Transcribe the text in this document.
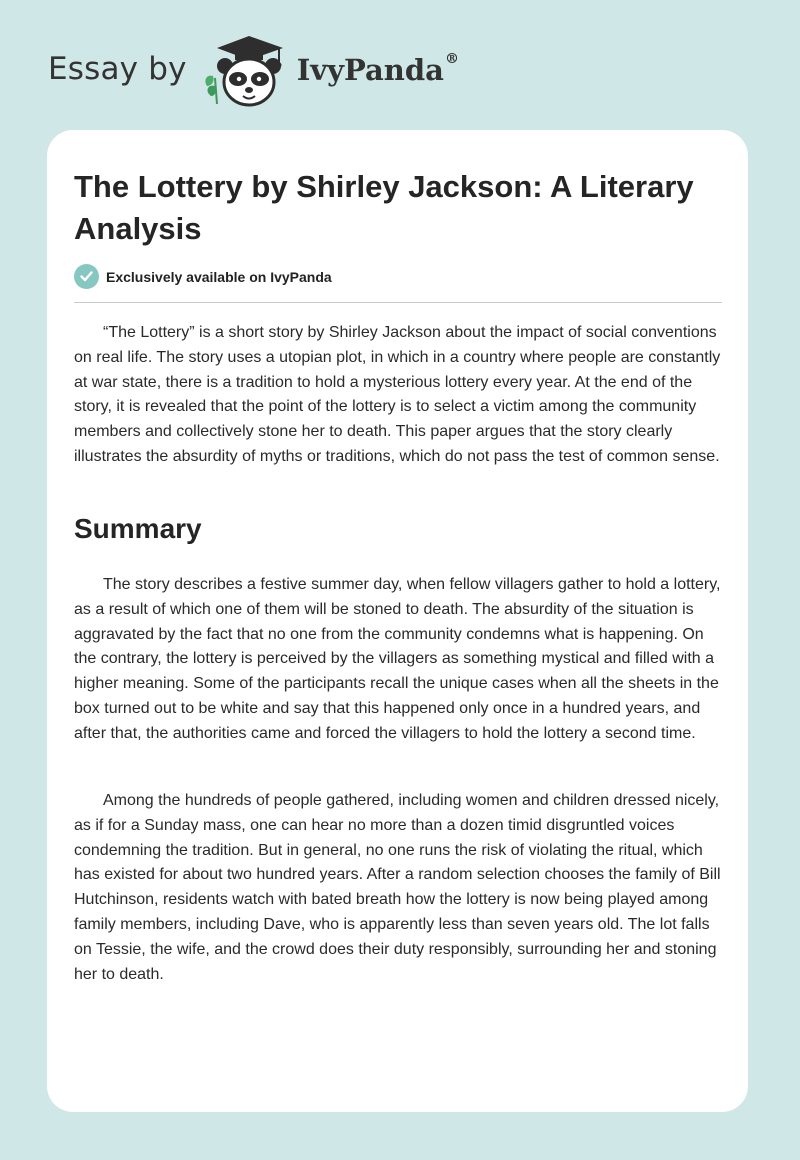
Essay by	IvyPanda®
The Lottery by Shirley Jackson: A Literary Analysis
Exclusively available on IvyPanda

“The Lottery” is a short story by Shirley Jackson about the impact of social conventions on real life. The story uses a utopian plot, in which in a country where people are constantly at war state, there is a tradition to hold a mysterious lottery every year. At the end of the story, it is revealed that the point of the lottery is to select a victim among the community members and collectively stone her to death. This paper argues that the story clearly illustrates the absurdity of myths or traditions, which do not pass the test of common sense.

Summary

The story describes a festive summer day, when fellow villagers gather to hold a lottery, as a result of which one of them will be stoned to death. The absurdity of the situation is aggravated by the fact that no one from the community condemns what is happening. On the contrary, the lottery is perceived by the villagers as something mystical and filled with a higher meaning. Some of the participants recall the unique cases when all the sheets in the box turned out to be white and say that this happened only once in a hundred years, and after that, the authorities came and forced the villagers to hold the lottery a second time.

Among the hundreds of people gathered, including women and children dressed nicely, as if for a Sunday mass, one can hear no more than a dozen timid disgruntled voices condemning the tradition. But in general, no one runs the risk of violating the ritual, which has existed for about two hundred years. After a random selection chooses the family of Bill Hutchinson, residents watch with bated breath how the lottery is now being played among family members, including Dave, who is apparently less than seven years old. The lot falls on Tessie, the wife, and the crowd does their duty responsibly, surrounding her and stoning her to death.
